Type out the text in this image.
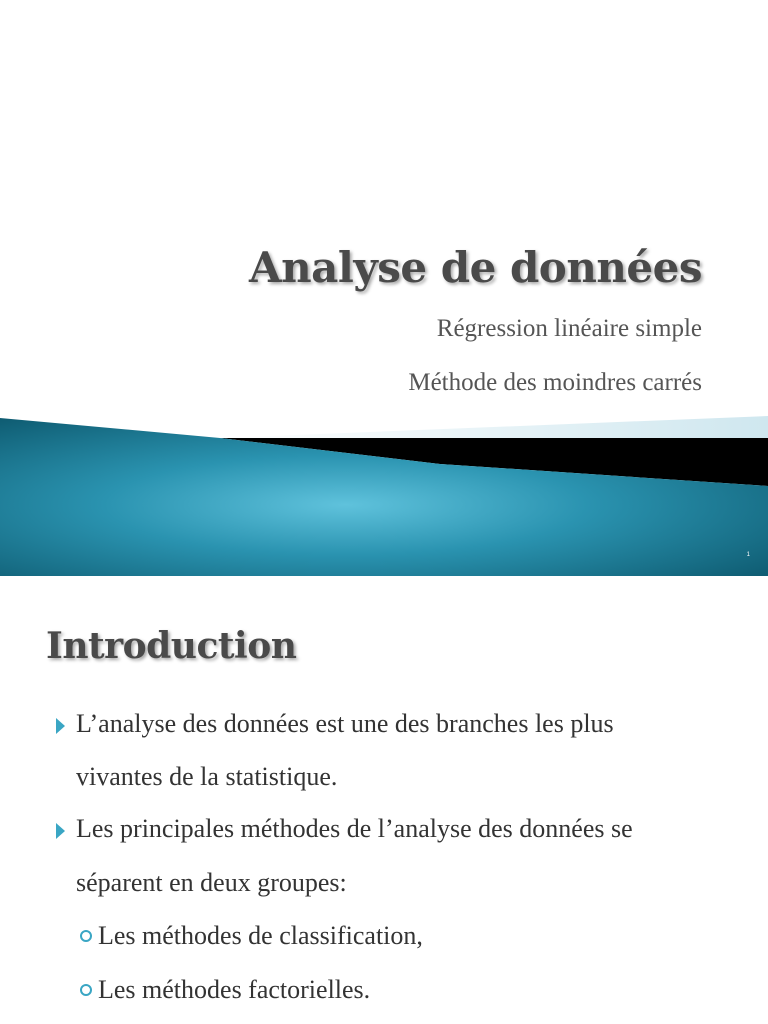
Analyse de données

Régression linéaire simple

Méthode des moindres carrés

1
Introduction

L’analyse des données est une des branches les plus

vivantes de la statistique.

Les principales méthodes de l’analyse des données se

séparent en deux groupes:

Les méthodes de classification,

Les méthodes factorielles.
